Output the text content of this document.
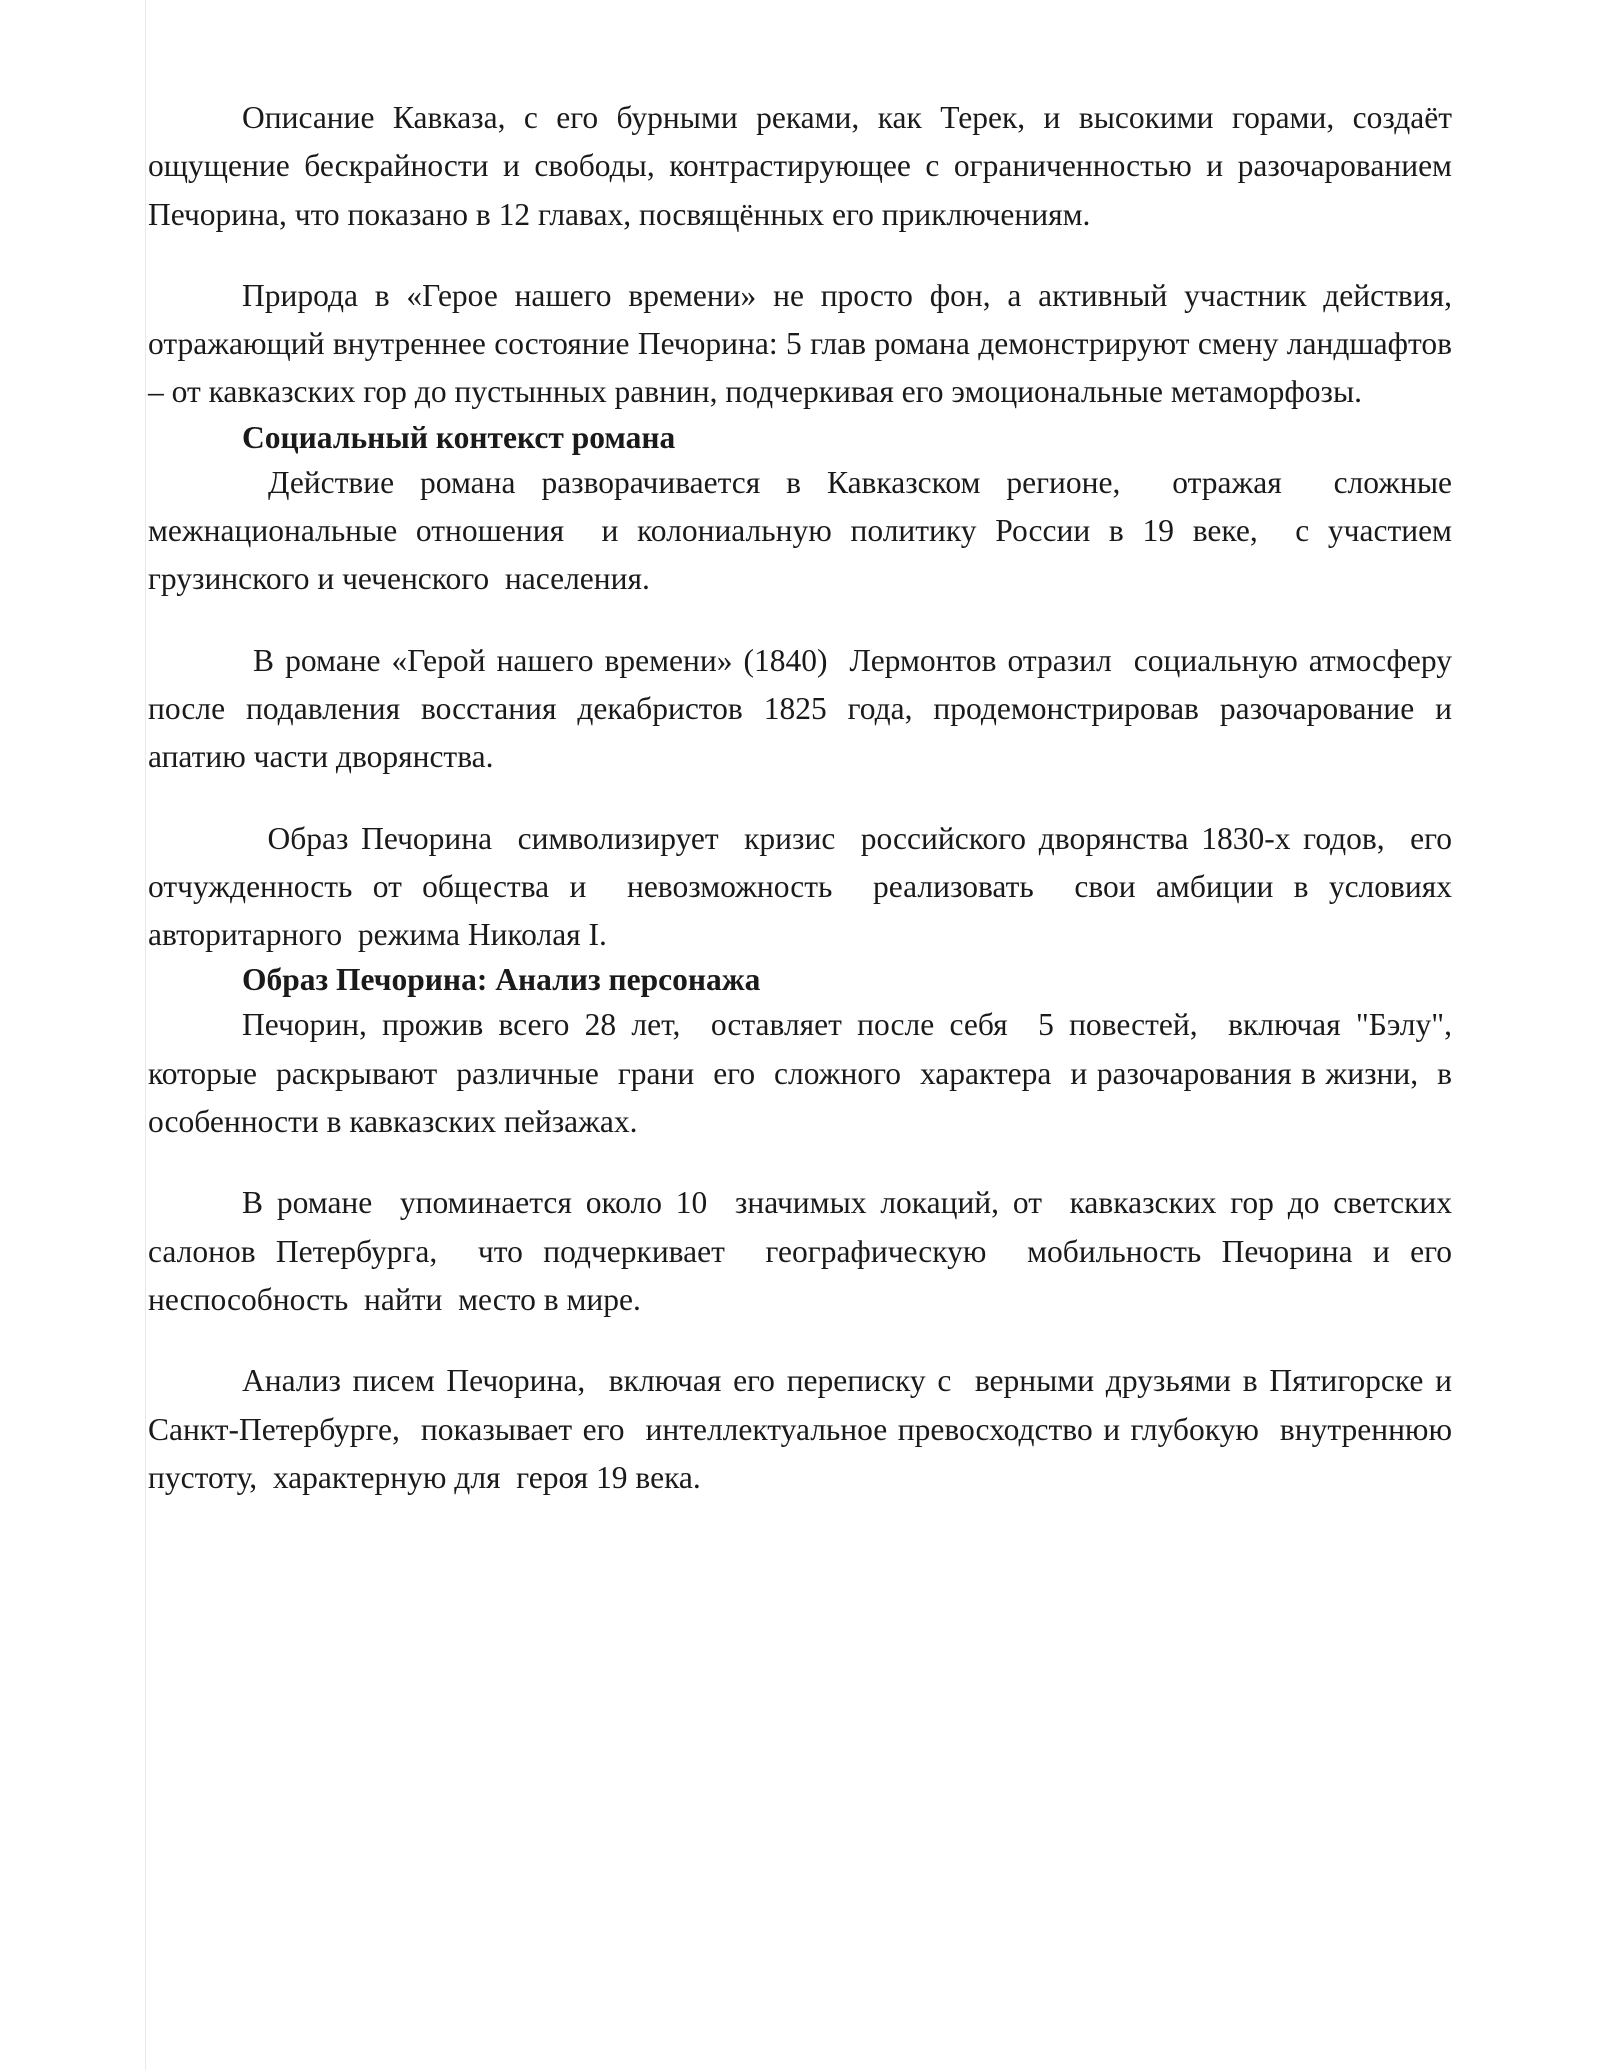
Описание Кавказа, с его бурными реками, как Терек, и высокими горами, создаёт ощущение бескрайности и свободы, контрастирующее с ограниченностью и разочарованием Печорина, что показано в 12 главах, посвящённых его приключениям.

Природа в «Герое нашего времени» не просто фон, а активный участник действия, отражающий внутреннее состояние Печорина: 5 глав романа демонстрируют смену ландшафтов – от кавказских гор до пустынных равнин, подчеркивая его эмоциональные метаморфозы.

Социальный контекст романа

Действие романа разворачивается в Кавказском регионе,  отражая  сложные межнациональные отношения  и колониальную политику России в 19 веке,  с участием  грузинского и чеченского  населения.

В романе «Герой нашего времени» (1840)  Лермонтов отразил  социальную атмосферу   после подавления восстания декабристов 1825 года, продемонстрировав разочарование и апатию части дворянства.

Образ Печорина  символизирует  кризис  российского дворянства 1830-х годов,  его  отчужденность от общества и  невозможность  реализовать  свои амбиции в условиях  авторитарного  режима Николая I.

Образ Печорина: Анализ персонажа

Печорин, прожив всего 28 лет,  оставляет после себя  5 повестей,  включая "Бэлу",  которые  раскрывают  различные  грани  его  сложного  характера  и разочарования в жизни,  в особенности в кавказских пейзажах.

В романе  упоминается около 10  значимых локаций, от  кавказских гор до светских салонов Петербурга,  что подчеркивает  географическую  мобильность Печорина и его  неспособность  найти  место в мире.

Анализ писем Печорина,  включая его переписку с  верными друзьями в Пятигорске и Санкт-Петербурге,  показывает его  интеллектуальное превосходство и глубокую  внутреннюю пустоту,  характерную для  героя 19 века.
